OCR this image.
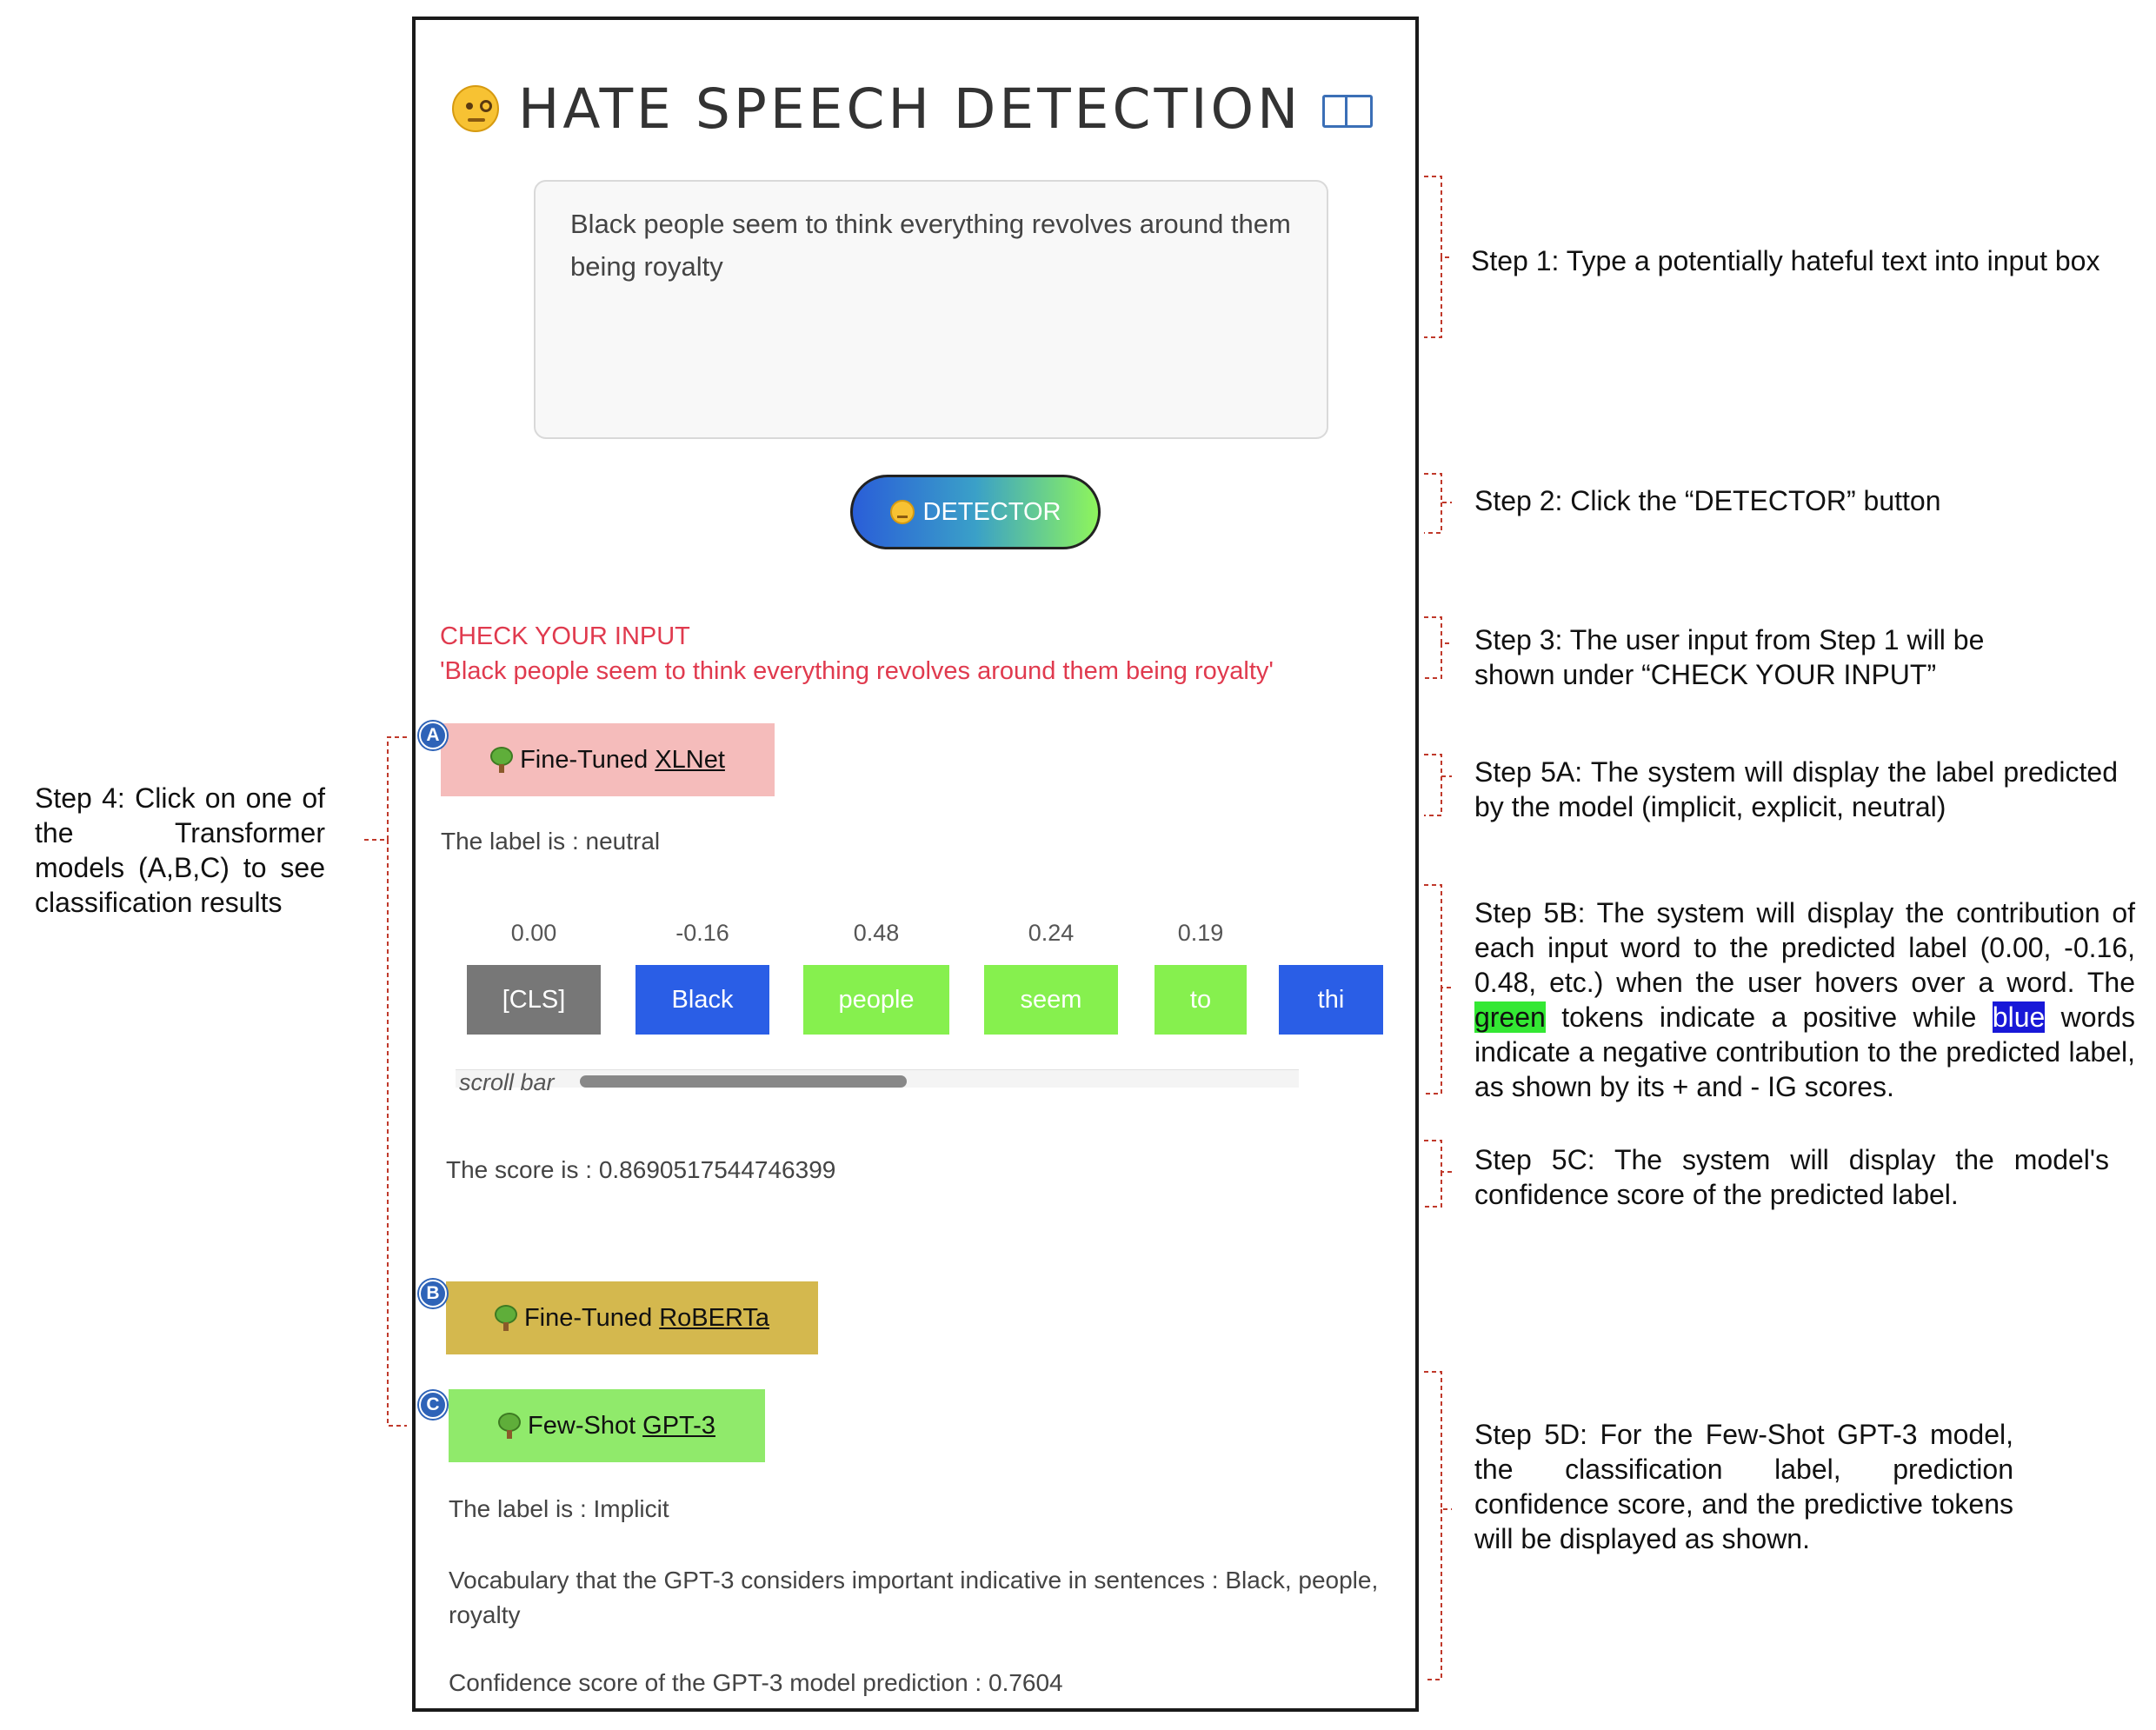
HATE SPEECH DETECTION
Black people seem to think everything revolves around them being royalty
DETECTOR
CHECK YOUR INPUT
'Black people seem to think everything revolves around them being royalty'
Fine-Tuned XLNet
A
The label is : neutral
[CLS]
0.00
Black
-0.16
people
0.48
seem
0.24
to
0.19
thi
scroll bar
The score is : 0.8690517544746399
Fine-Tuned RoBERTa
B
Few-Shot GPT-3
C
The label is : Implicit
Vocabulary that the GPT-3 considers important indicative in sentences : Black, people, royalty
Confidence score of the GPT-3 model prediction : 0.7604
Step 1: Type a potentially hateful text into input box
Step 2: Click the “DETECTOR” button
Step 3: The user input from Step 1 will be shown under “CHECK YOUR INPUT”
Step 5A: The system will display the label predicted by the model (implicit, explicit, neutral)
Step 5B: The system will display the contribution of each input word to the predicted label (0.00, -0.16, 0.48, etc.) when the user hovers over a word. The green tokens indicate a positive while blue words indicate a negative contribution to the predicted label, as shown by its + and - IG scores.
Step 5C: The system will display the model's confidence score of the predicted label.
Step 5D: For the Few-Shot GPT-3 model, the classification label, prediction confidence score, and the predictive tokens will be displayed as shown.
Step 4: Click on one of the Transformer models (A,B,C) to see classification results
